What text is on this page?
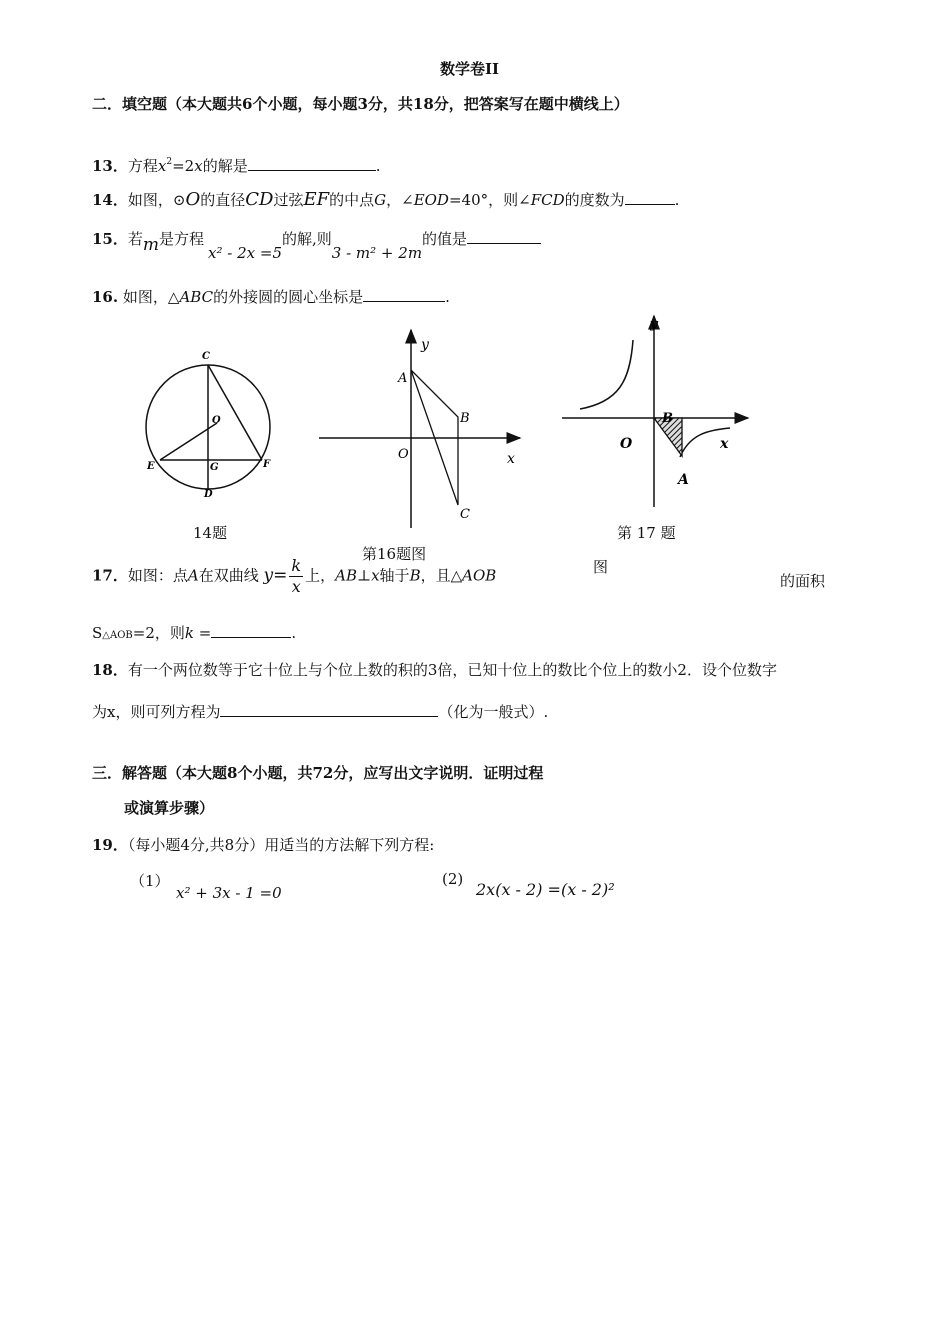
数学卷II
二．填空题（本大题共6个小题，每小题3分，共18分，把答案写在题中横线上）
13．方程$x^2=2x$的解是	.
14．如图，⊙O的直径CD过弦EF的中点G，∠EOD=40°，则∠FCD的度数为	.
15．若m是方程x² - 2x =5的解,则3 - m² + 2m的值是
16. 如图，△ABC的外接圆的圆心坐标是	.
C
O
E	G	F
D
14题
y
A
B
O	x
C
第16题图
y
B
O	x
A
第 17 题
图
17．如图：点A在双曲线 $y= \frac{k}{x}$ 上，AB⊥x轴于B，且△AOB	的面积
S△AOB=2，则k =	.
18．有一个两位数等于它十位上与个位上数的积的3倍，已知十位上的数比个位上的数小2．设个位数字
为x，则可列方程为	（化为一般式）.
三．解答题（本大题8个小题，共72分，应写出文字说明．证明过程
或演算步骤）
19．（每小题4分,共8分）用适当的方法解下列方程:
（1）
x² + 3x - 1 =0
(2)
2x(x - 2) =(x - 2)²
